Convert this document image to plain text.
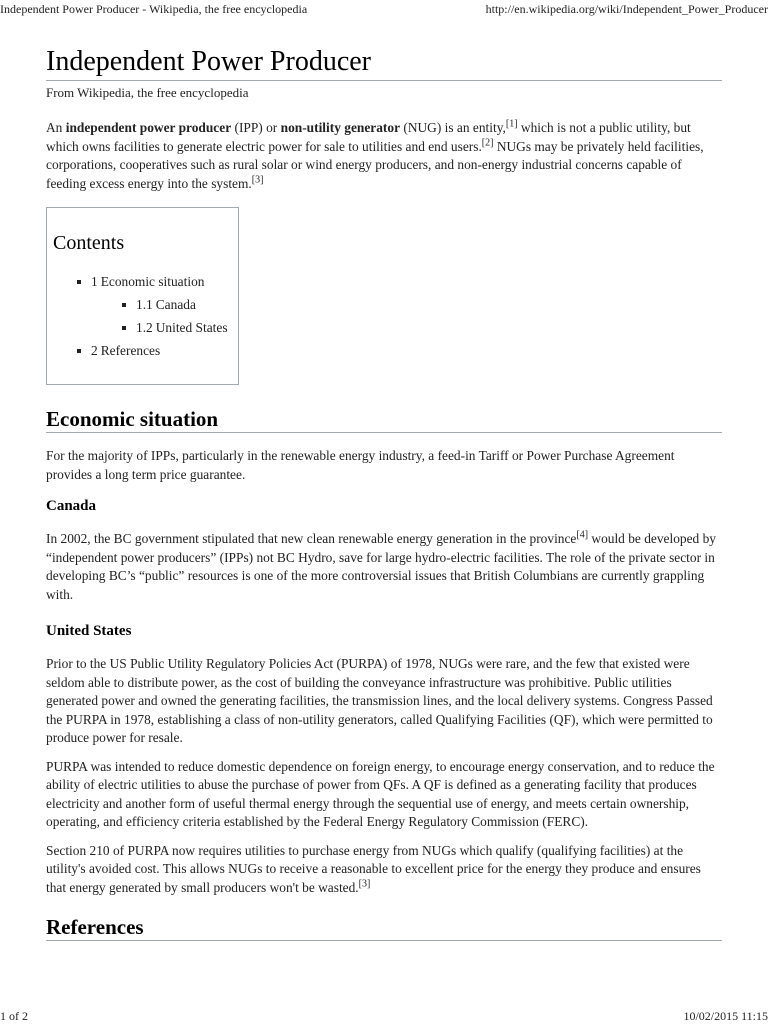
Independent Power Producer - Wikipedia, the free encyclopedia	http://en.wikipedia.org/wiki/Independent_Power_Producer
Independent Power Producer
From Wikipedia, the free encyclopedia

An independent power producer (IPP) or non-utility generator (NUG) is an entity,[1] which is not a public utility, but which owns facilities to generate electric power for sale to utilities and end users.[2] NUGs may be privately held facilities, corporations, cooperatives such as rural solar or wind energy producers, and non-energy industrial concerns capable of feeding excess energy into the system.[3]

Contents
1 Economic situation
1.1 Canada
1.2 United States
2 References
Economic situation

For the majority of IPPs, particularly in the renewable energy industry, a feed-in Tariff or Power Purchase Agreement provides a long term price guarantee.

Canada

In 2002, the BC government stipulated that new clean renewable energy generation in the province[4] would be developed by “independent power producers” (IPPs) not BC Hydro, save for large hydro-electric facilities. The role of the private sector in developing BC’s “public” resources is one of the more controversial issues that British Columbians are currently grappling with.

United States

Prior to the US Public Utility Regulatory Policies Act (PURPA) of 1978, NUGs were rare, and the few that existed were seldom able to distribute power, as the cost of building the conveyance infrastructure was prohibitive. Public utilities generated power and owned the generating facilities, the transmission lines, and the local delivery systems. Congress Passed the PURPA in 1978, establishing a class of non-utility generators, called Qualifying Facilities (QF), which were permitted to produce power for resale.

PURPA was intended to reduce domestic dependence on foreign energy, to encourage energy conservation, and to reduce the ability of electric utilities to abuse the purchase of power from QFs. A QF is defined as a generating facility that produces electricity and another form of useful thermal energy through the sequential use of energy, and meets certain ownership, operating, and efficiency criteria established by the Federal Energy Regulatory Commission (FERC).

Section 210 of PURPA now requires utilities to purchase energy from NUGs which qualify (qualifying facilities) at the utility's avoided cost. This allows NUGs to receive a reasonable to excellent price for the energy they produce and ensures that energy generated by small producers won't be wasted.[3]

References
1 of 2	10/02/2015 11:15
